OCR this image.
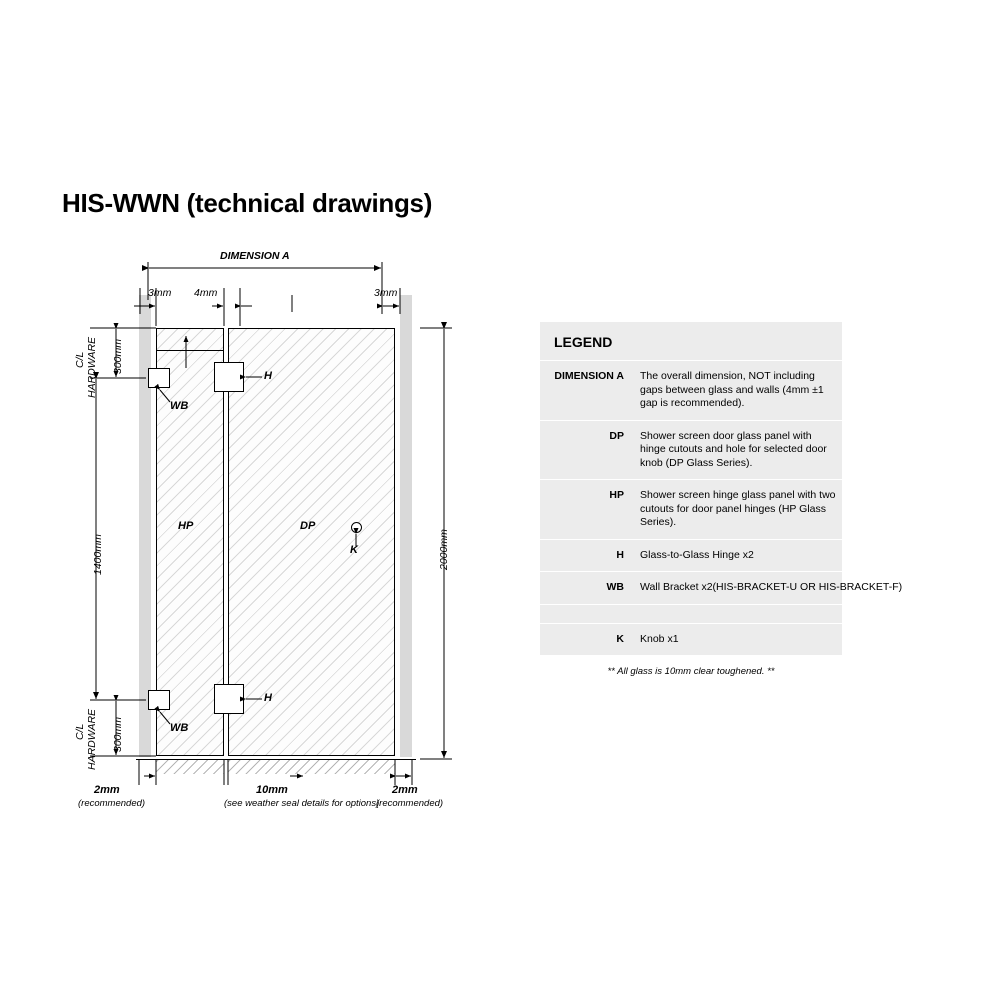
HIS-WWN (technical drawings)
DIMENSION A
3mm 4mm	3mm
2000mm
C/L HARDWARE 300mm
1400mm
C/L HARDWARE 300mm
HP	DP
H
H
WB
WB
K
2mm
(recommended)
10mm
(see weather seal details for options)
2mm
(recommended)
LEGEND
DIMENSION A	The overall dimension, NOT including gaps between glass and walls (4mm ±1 gap is recommended).
DP	Shower screen door glass panel with hinge cutouts and hole for selected door knob (DP Glass Series).
HP	Shower screen hinge glass panel with two cutouts for door panel hinges (HP Glass Series).
H	Glass-to-Glass Hinge x2
WB	Wall Bracket x2(HIS-BRACKET-U OR HIS-BRACKET-F)
K	Knob x1
** All glass is 10mm clear toughened. **
